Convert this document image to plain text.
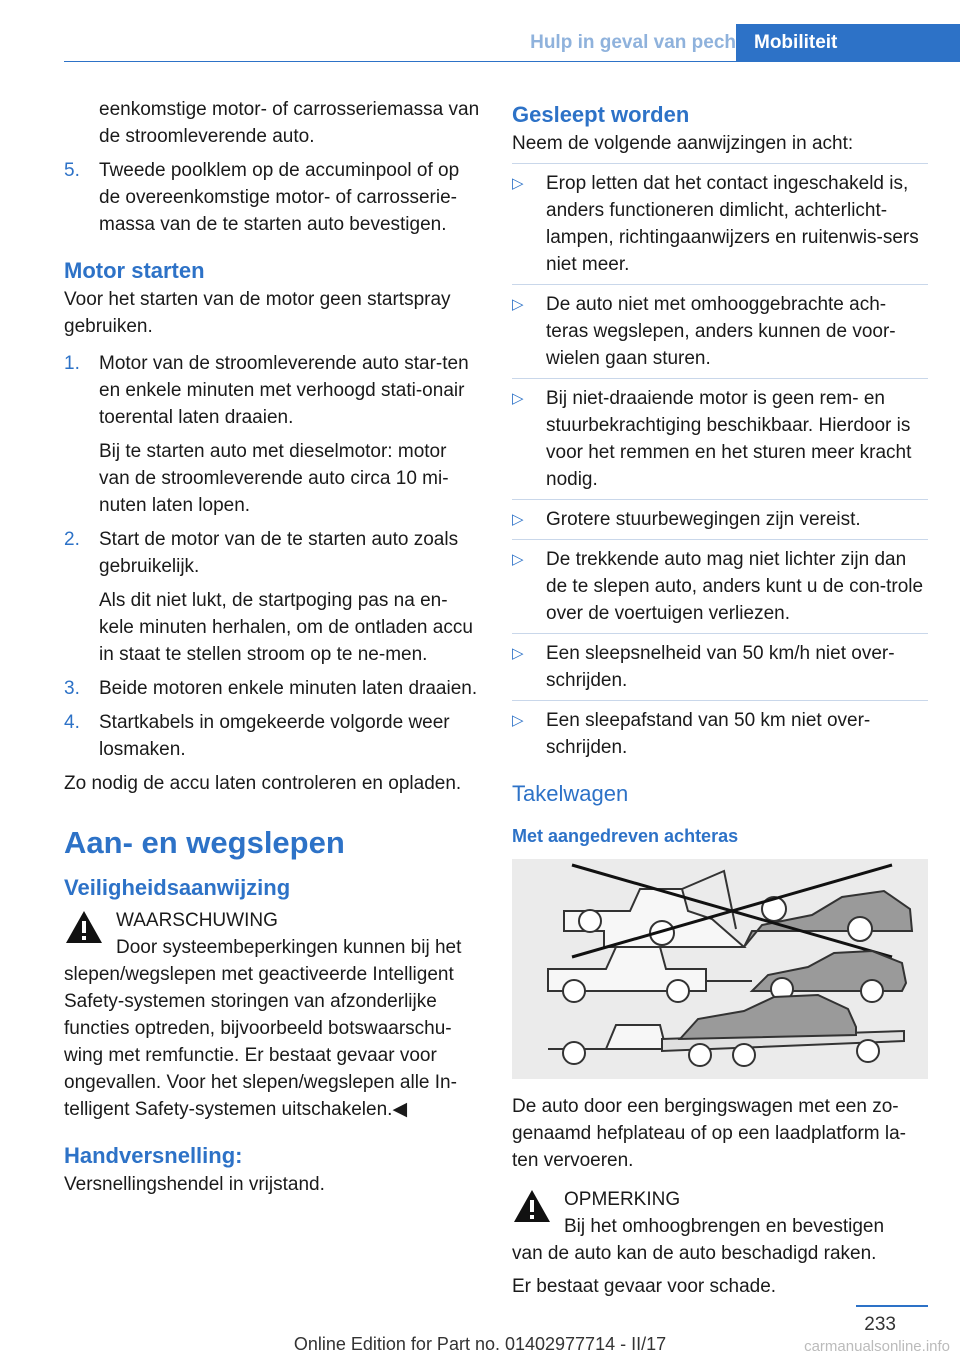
Hulp in geval van pech Mobiliteit
eenkomstige motor- of carrosseriemassa van de stroomleverende auto.
5. Tweede poolklem op de accuminpool of op de overeenkomstige motor- of carrosserie-massa van de te starten auto bevestigen.
Motor starten

Voor het starten van de motor geen startspray gebruiken.

1. Motor van de stroomleverende auto star-ten en enkele minuten met verhoogd stati-onair toerental laten draaien.
Bij te starten auto met dieselmotor: motor van de stroomleverende auto circa 10 mi-nuten laten lopen.
2. Start de motor van de te starten auto zoals gebruikelijk.
Als dit niet lukt, de startpoging pas na en-kele minuten herhalen, om de ontladen accu in staat te stellen stroom op te ne-men.
3. Beide motoren enkele minuten laten draaien.
4. Startkabels in omgekeerde volgorde weer losmaken.

Zo nodig de accu laten controleren en opladen.

Aan- en wegslepen
Veiligheidsaanwijzing
WAARSCHUWING
Door systeembeperkingen kunnen bij het

slepen/wegslepen met geactiveerde Intelligent Safety-systemen storingen van afzonderlijke functies optreden, bijvoorbeeld botswaarschu-wing met remfunctie. Er bestaat gevaar voor ongevallen. Voor het slepen/wegslepen alle In-telligent Safety-systemen uitschakelen.◀

Handversnelling:

Versnellingshendel in vrijstand.

Gesleept worden

Neem de volgende aanwijzingen in acht:

▷ Erop letten dat het contact ingeschakeld is, anders functioneren dimlicht, achterlicht-lampen, richtingaanwijzers en ruitenwis-sers niet meer.
▷ De auto niet met omhooggebrachte ach-teras wegslepen, anders kunnen de voor-wielen gaan sturen.
▷ Bij niet-draaiende motor is geen rem- en stuurbekrachtiging beschikbaar. Hierdoor is voor het remmen en het sturen meer kracht nodig.
▷ Grotere stuurbewegingen zijn vereist.
▷ De trekkende auto mag niet lichter zijn dan de te slepen auto, anders kunt u de con-trole over de voertuigen verliezen.
▷ Een sleepsnelheid van 50 km/h niet over-schrijden.
▷ Een sleepafstand van 50 km niet over-schrijden.
Takelwagen
Met aangedreven achteras

De auto door een bergingswagen met een zo-genaamd hefplateau of op een laadplatform la-ten vervoeren.

OPMERKING
Bij het omhoogbrengen en bevestigen

van de auto kan de auto beschadigd raken.

Er bestaat gevaar voor schade.

233
Online Edition for Part no. 01402977714 - II/17	carmanualsonline.info
